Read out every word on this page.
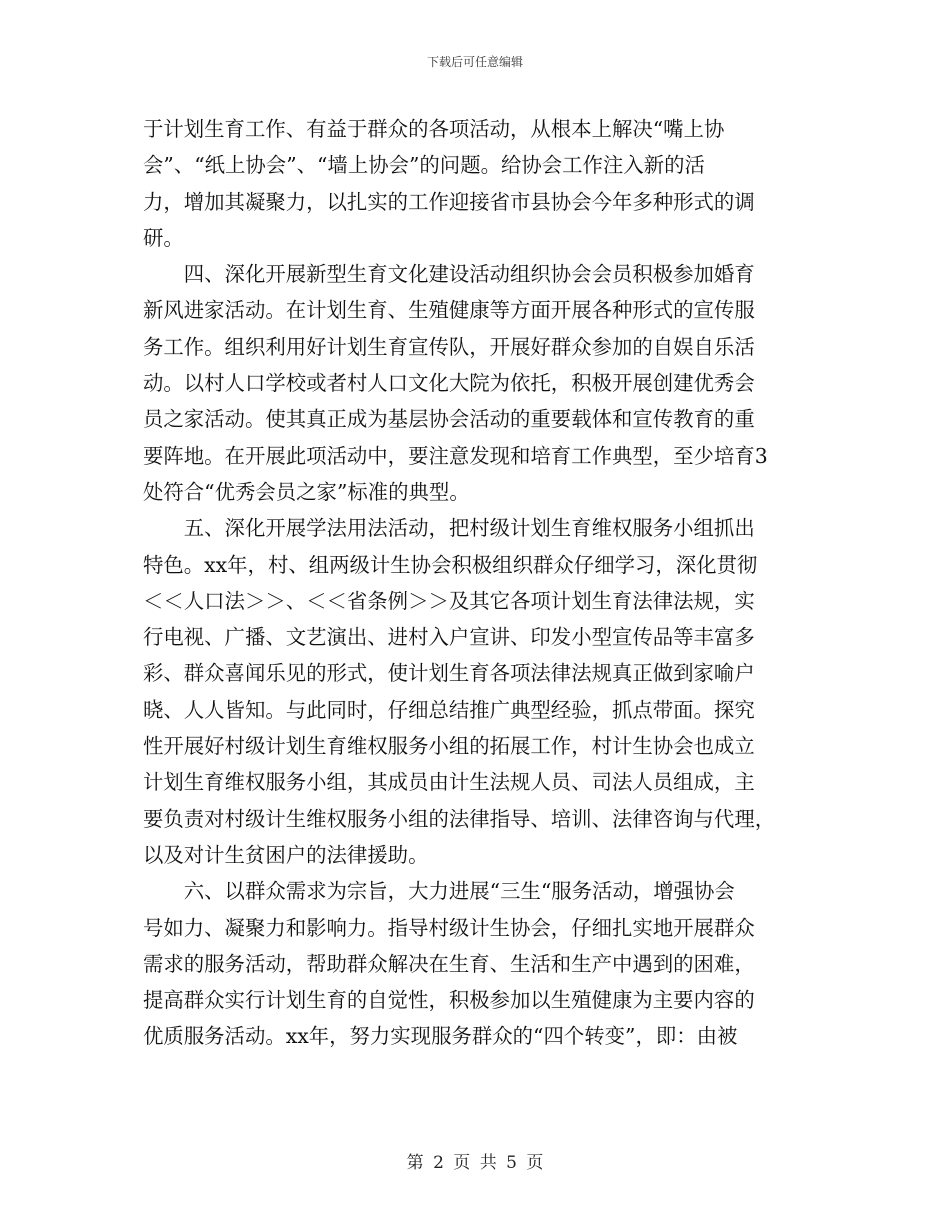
下载后可任意编辑
于计划生育工作、有益于群众的各项活动，从根本上解决“嘴上协
会”、“纸上协会”、“墙上协会”的问题。给协会工作注入新的活
力，增加其凝聚力，以扎实的工作迎接省市县协会今年多种形式的调
研。
　　四、深化开展新型生育文化建设活动组织协会会员积极参加婚育
新风进家活动。在计划生育、生殖健康等方面开展各种形式的宣传服
务工作。组织利用好计划生育宣传队，开展好群众参加的自娱自乐活
动。以村人口学校或者村人口文化大院为依托，积极开展创建优秀会
员之家活动。使其真正成为基层协会活动的重要载体和宣传教育的重
要阵地。在开展此项活动中，要注意发现和培育工作典型，至少培育3
处符合“优秀会员之家”标准的典型。
　　五、深化开展学法用法活动，把村级计划生育维权服务小组抓出
特色。xx年，村、组两级计生协会积极组织群众仔细学习，深化贯彻
＜＜人口法＞＞、＜＜省条例＞＞及其它各项计划生育法律法规，实
行电视、广播、文艺演出、进村入户宣讲、印发小型宣传品等丰富多
彩、群众喜闻乐见的形式，使计划生育各项法律法规真正做到家喻户
晓、人人皆知。与此同时，仔细总结推广典型经验，抓点带面。探究
性开展好村级计划生育维权服务小组的拓展工作，村计生协会也成立
计划生育维权服务小组，其成员由计生法规人员、司法人员组成，主
要负责对村级计生维权服务小组的法律指导、培训、法律咨询与代理，
以及对计生贫困户的法律援助。
　　六、以群众需求为宗旨，大力进展“三生“服务活动，增强协会
号如力、凝聚力和影响力。指导村级计生协会，仔细扎实地开展群众
需求的服务活动，帮助群众解决在生育、生活和生产中遇到的困难，
提高群众实行计划生育的自觉性，积极参加以生殖健康为主要内容的
优质服务活动。xx年，努力实现服务群众的“四个转变”，即：由被
第 2 页 共 5 页
